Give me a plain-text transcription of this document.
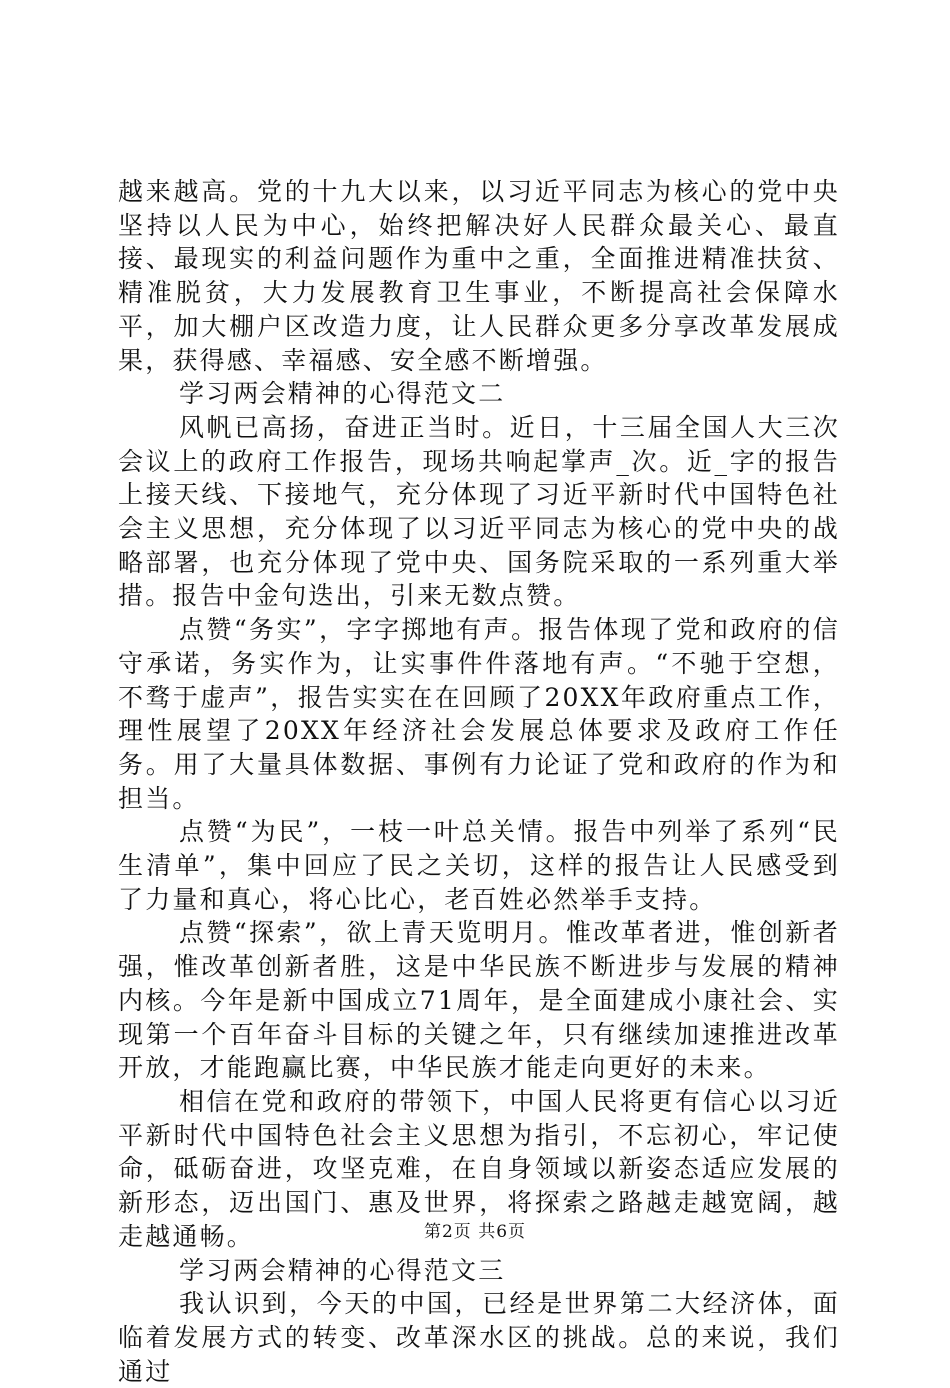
越来越高。党的十九大以来，以习近平同志为核心的党中央坚持以人民为中心，始终把解决好人民群众最关心、最直接、最现实的利益问题作为重中之重，全面推进精准扶贫、精准脱贫，大力发展教育卫生事业，不断提高社会保障水平，加大棚户区改造力度，让人民群众更多分享改革发展成果，获得感、幸福感、安全感不断增强。

学习两会精神的心得范文二

风帆已高扬，奋进正当时。近日，十三届全国人大三次会议上的政府工作报告，现场共响起掌声_次。近_字的报告上接天线、下接地气，充分体现了习近平新时代中国特色社会主义思想，充分体现了以习近平同志为核心的党中央的战略部署，也充分体现了党中央、国务院采取的一系列重大举措。报告中金句迭出，引来无数点赞。

点赞“务实”，字字掷地有声。报告体现了党和政府的信守承诺，务实作为，让实事件件落地有声。“不驰于空想，不骛于虚声”，报告实实在在回顾了20XX年政府重点工作，理性展望了20XX年经济社会发展总体要求及政府工作任务。用了大量具体数据、事例有力论证了党和政府的作为和担当。

点赞“为民”，一枝一叶总关情。报告中列举了系列“民生清单”，集中回应了民之关切，这样的报告让人民感受到了力量和真心，将心比心，老百姓必然举手支持。

点赞“探索”，欲上青天览明月。惟改革者进，惟创新者强，惟改革创新者胜，这是中华民族不断进步与发展的精神内核。今年是新中国成立71周年，是全面建成小康社会、实现第一个百年奋斗目标的关键之年，只有继续加速推进改革开放，才能跑赢比赛，中华民族才能走向更好的未来。

相信在党和政府的带领下，中国人民将更有信心以习近平新时代中国特色社会主义思想为指引，不忘初心，牢记使命，砥砺奋进，攻坚克难，在自身领域以新姿态适应发展的新形态，迈出国门、惠及世界，将探索之路越走越宽阔，越走越通畅。

学习两会精神的心得范文三

我认识到，今天的中国，已经是世界第二大经济体，面临着发展方式的转变、改革深水区的挑战。总的来说，我们通过

第2页 共6页
